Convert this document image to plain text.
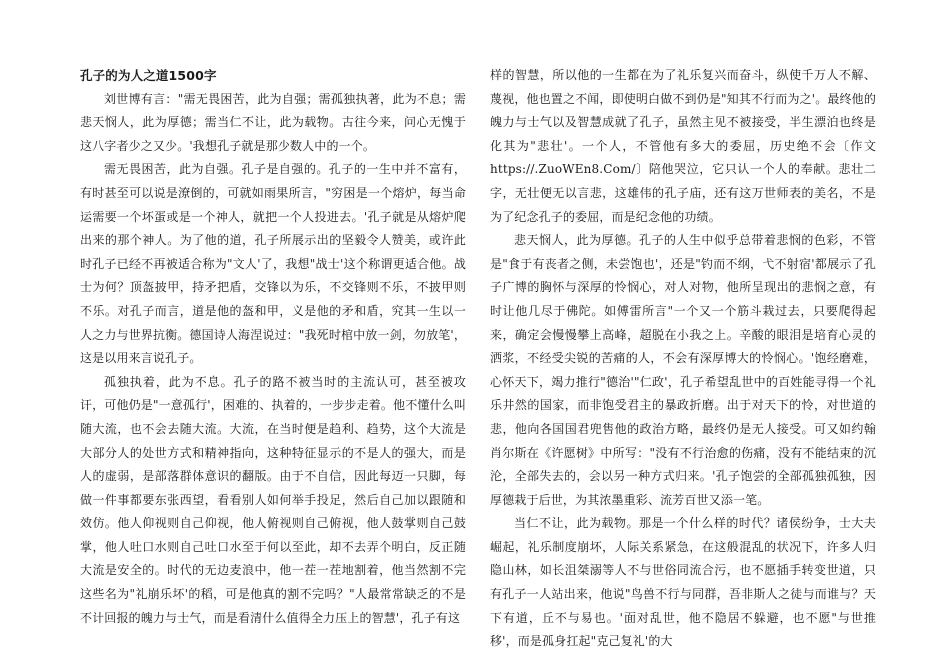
孔子的为人之道1500字

刘世博有言："需无畏困苦，此为自强；需孤独执著，此为不息；需悲天悯人，此为厚德；需当仁不让，此为载物。古往今来，问心无愧于这八字者少之又少。'我想孔子就是那少数人中的一个。

需无畏困苦，此为自强。孔子是自强的。孔子的一生中并不富有，有时甚至可以说是潦倒的，可就如雨果所言，"穷困是一个熔炉，每当命运需要一个坏蛋或是一个神人，就把一个人投进去。'孔子就是从熔炉爬出来的那个神人。为了他的道，孔子所展示出的坚毅令人赞美，或许此时孔子已经不再被适合称为"文人'了，我想"战士'这个称谓更适合他。战士为何？顶盔披甲，持矛把盾，交锋以为乐，不交锋则不乐，不披甲则不乐。对孔子而言，道是他的盔和甲，义是他的矛和盾，究其一生以一人之力与世界抗衡。德国诗人海涅说过："我死时棺中放一剑，勿放笔'，这是以用来言说孔子。

孤独执着，此为不息。孔子的路不被当时的主流认可，甚至被攻讦，可他仍是"一意孤行'，困难的、执着的，一步步走着。他不懂什么叫随大流，也不会去随大流。大流，在当时便是趋利、趋势，这个大流是大部分人的处世方式和精神指向，这种特征显示的不是人的强大，而是人的虚弱，是部落群体意识的翻版。由于不自信，因此每迈一只脚，每做一件事都要东张西望，看看别人如何举手投足，然后自己加以跟随和效仿。他人仰视则自己仰视，他人俯视则自己俯视，他人鼓掌则自己鼓掌，他人吐口水则自己吐口水至于何以至此，却不去弄个明白，反正随大流是安全的。时代的无边麦浪中，他一茬一茬地割着，他当然割不完这些名为"礼崩乐坏'的稻，可是他真的割不完吗？"人最常常缺乏的不是不计回报的魄力与士气，而是看清什么值得全力压上的智慧'，孔子有这

样的智慧，所以他的一生都在为了礼乐复兴而奋斗，纵使千万人不解、蔑视，他也置之不闻，即使明白做不到仍是"知其不行而为之'。最终他的魄力与士气以及智慧成就了孔子，虽然主见不被接受，半生漂泊也终是化其为"悲壮'。一个人，不管他有多大的委屈，历史绝不会〔作文https://.ZuoWEn8.Com/〕陪他哭泣，它只认一个人的奉献。悲壮二字，无壮便无以言悲，这雄伟的孔子庙，还有这万世师表的美名，不是为了纪念孔子的委屈，而是纪念他的功绩。

悲天悯人，此为厚德。孔子的人生中似乎总带着悲悯的色彩，不管是"食于有丧者之侧，未尝饱也'，还是"钓而不纲，弋不射宿'都展示了孔子广博的胸怀与深厚的怜悯心，对人对物，他所呈现出的悲悯之意，有时让他几尽于佛陀。如傅雷所言"一个又一个筋斗栽过去，只要爬得起来，确定会慢慢攀上高峰，超脱在小我之上。辛酸的眼泪是培育心灵的洒浆，不经受尖锐的苦痛的人，不会有深厚博大的怜悯心。'饱经磨难，心怀天下，竭力推行"德治'"仁政'，孔子希望乱世中的百姓能寻得一个礼乐井然的国家，而非饱受君主的暴政折磨。出于对天下的怜，对世道的悲，他向各国国君兜售他的政治方略，最终仍是无人接受。可又如约翰肖尔斯在《许愿树》中所写："没有不行治愈的伤痛，没有不能结束的沉沦，全部失去的，会以另一种方式归来。'孔子饱尝的全部孤独孤独，因厚德栽于后世，为其浓墨重彩、流芳百世又添一笔。

当仁不让，此为载物。那是一个什么样的时代？诸侯纷争，士大夫崛起，礼乐制度崩坏，人际关系紧急，在这般混乱的状况下，许多人归隐山林，如长沮桀溺等人不与世俗同流合污，也不愿插手转变世道，只有孔子一人站出来，他说"鸟兽不行与同群，吾非斯人之徒与而谁与？天下有道，丘不与易也。'面对乱世，他不隐居不躲避，也不愿"与世推移'，而是孤身扛起"克己复礼'的大
